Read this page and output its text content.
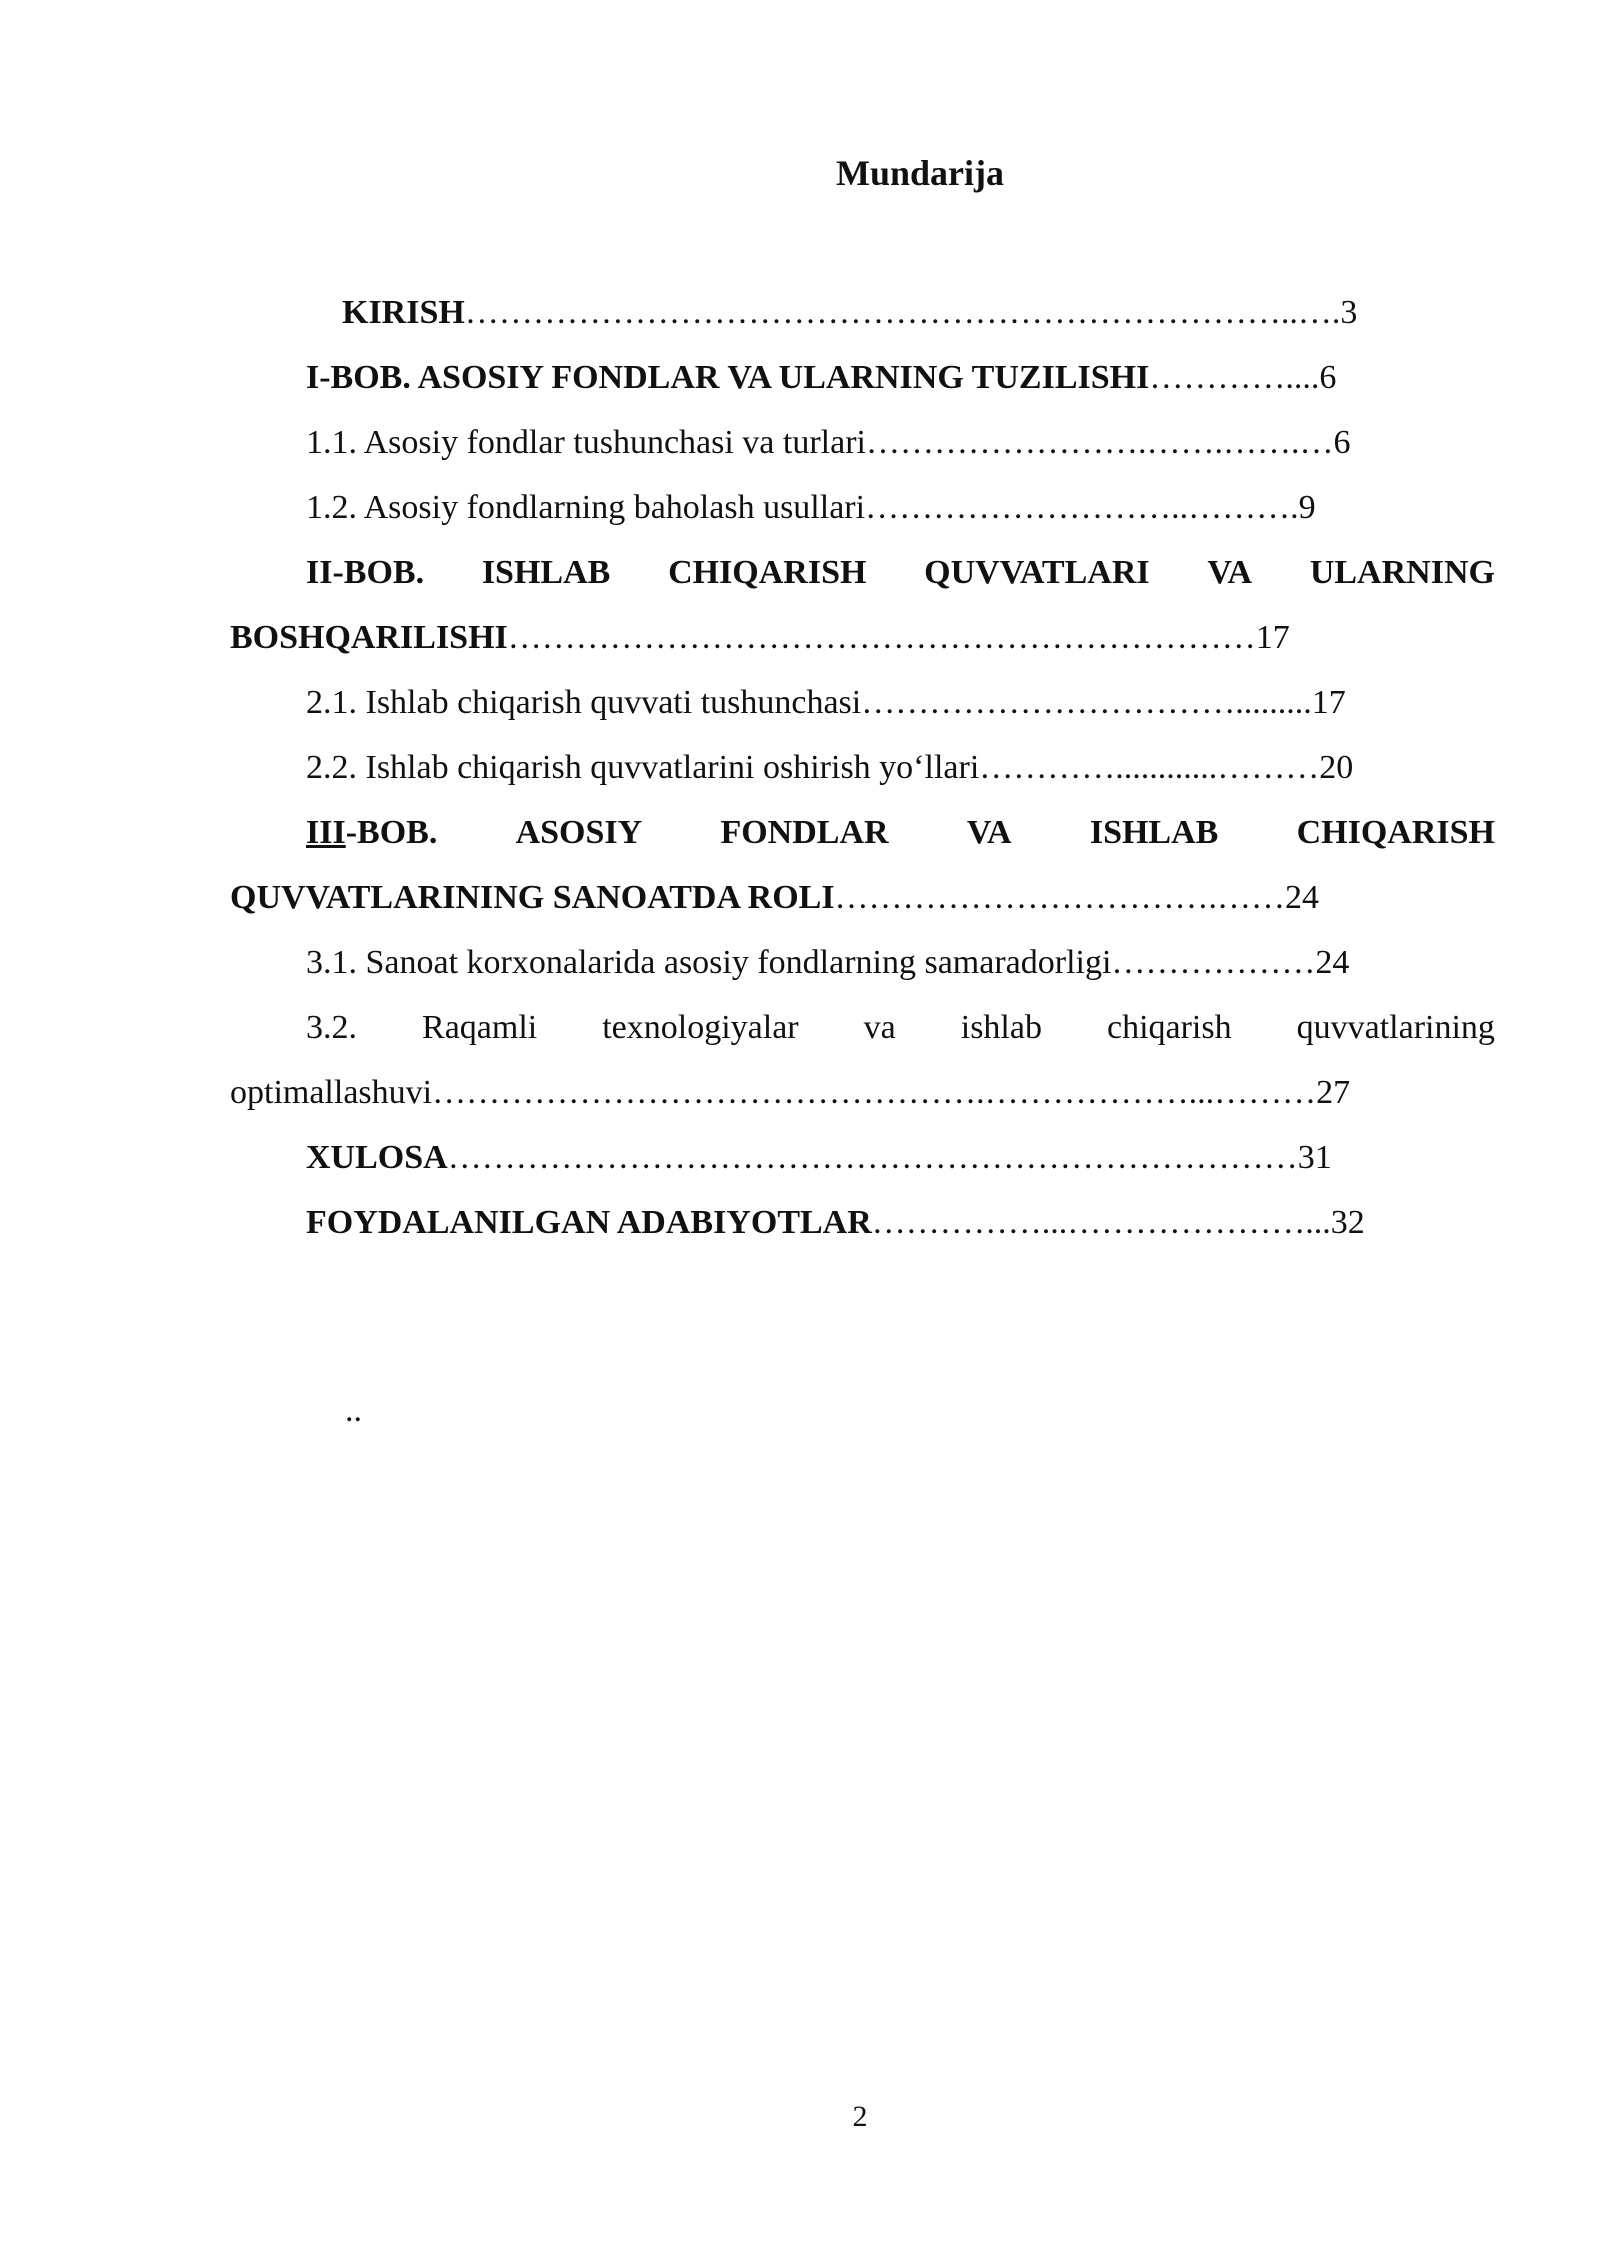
Mundarija
KIRISH………………………………………………………………..….3
I-BOB. ASOSIY FONDLAR VA ULARNING TUZILISHI…………....6
1.1. Asosiy fondlar tushunchasi va turlari…………………….…….…….…6
1.2. Asosiy fondlarning baholash usullari………………………..……….9
II-BOB. ISHLAB CHIQARISH QUVVATLARI VA ULARNING
BOSHQARILISHI…………………………………………………………17
2.1. Ishlab chiqarish quvvati tushunchasi…………………………….........17
2.2. Ishlab chiqarish quvvatlarini oshirish yo‘llari…………............………20
III-BOB. ASOSIY FONDLAR VA ISHLAB CHIQARISH
QUVVATLARINING SANOATDA ROLI…………………………….……24
3.1. Sanoat korxonalarida asosiy fondlarning samaradorligi………………24
3.2. Raqamli texnologiyalar va ishlab chiqarish quvvatlarining
optimallashuvi………………………………………….………………...………27
XULOSA…………………………………………………………………31
FOYDALANILGAN ADABIYOTLAR……………...…………………...32
..
2
